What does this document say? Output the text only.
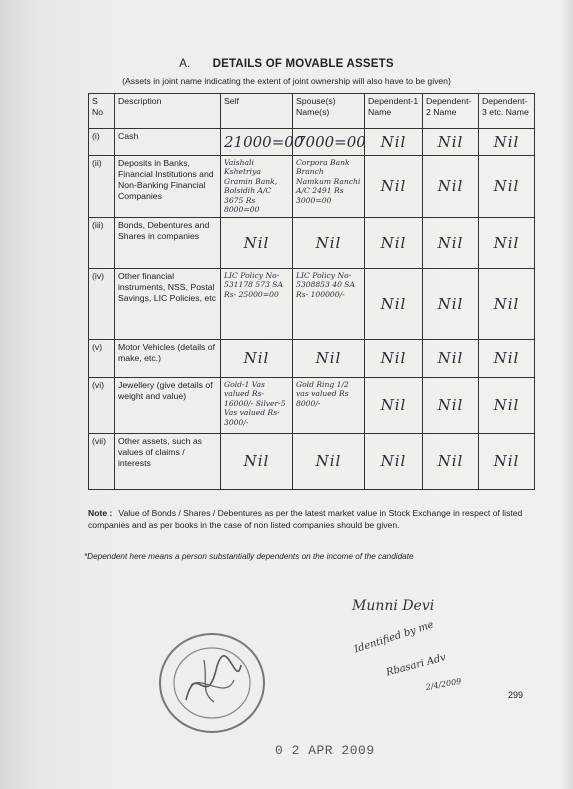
A. DETAILS OF MOVABLE ASSETS
(Assets in joint name indicating the extent of joint ownership will also have to be given)
S No	Description	Self	Spouse(s) Name(s)	Dependent-1 Name	Dependent-2 Name	Dependent-3 etc. Name
(i)	Cash	21000=00	7000=00	Nil	Nil	Nil
(ii)	Deposits in Banks, Financial Institutions and Non-Banking Financial Companies	Vaishali Kshetriya Gramin Bank, Bolsidih A/C 3675 Rs 8000=00	Corpora Bank Branch Namkum Ranchi A/C 2491 Rs 3000=00	Nil	Nil	Nil
(iii)	Bonds, Debentures and Shares in companies	Nil	Nil	Nil	Nil	Nil
(iv)	Other financial instruments, NSS, Postal Savings, LIC Policies, etc	LIC Policy No- 531178 573 SA Rs- 25000=00	LIC Policy No- 5308853 40 SA Rs- 100000/-	Nil	Nil	Nil
(v)	Motor Vehicles (details of make, etc.)	Nil	Nil	Nil	Nil	Nil
(vi)	Jewellery (give details of weight and value)	Gold-1 Vas valued Rs-16000/- Silver-5 Vas valued Rs-3000/-	Gold Ring 1/2 vas valued Rs 8000/-	Nil	Nil	Nil
(vii)	Other assets, such as values of claims / interests	Nil	Nil	Nil	Nil	Nil
Note : Value of Bonds / Shares / Debentures as per the latest market value in Stock Exchange in respect of listed companies and as per books in the case of non listed companies should be given.
*Dependent here means a person substantially dependents on the income of the candidate
Munni Devi
Identified by me
Rbasari Adv
2/4/2009
299
0 2 APR 2009
